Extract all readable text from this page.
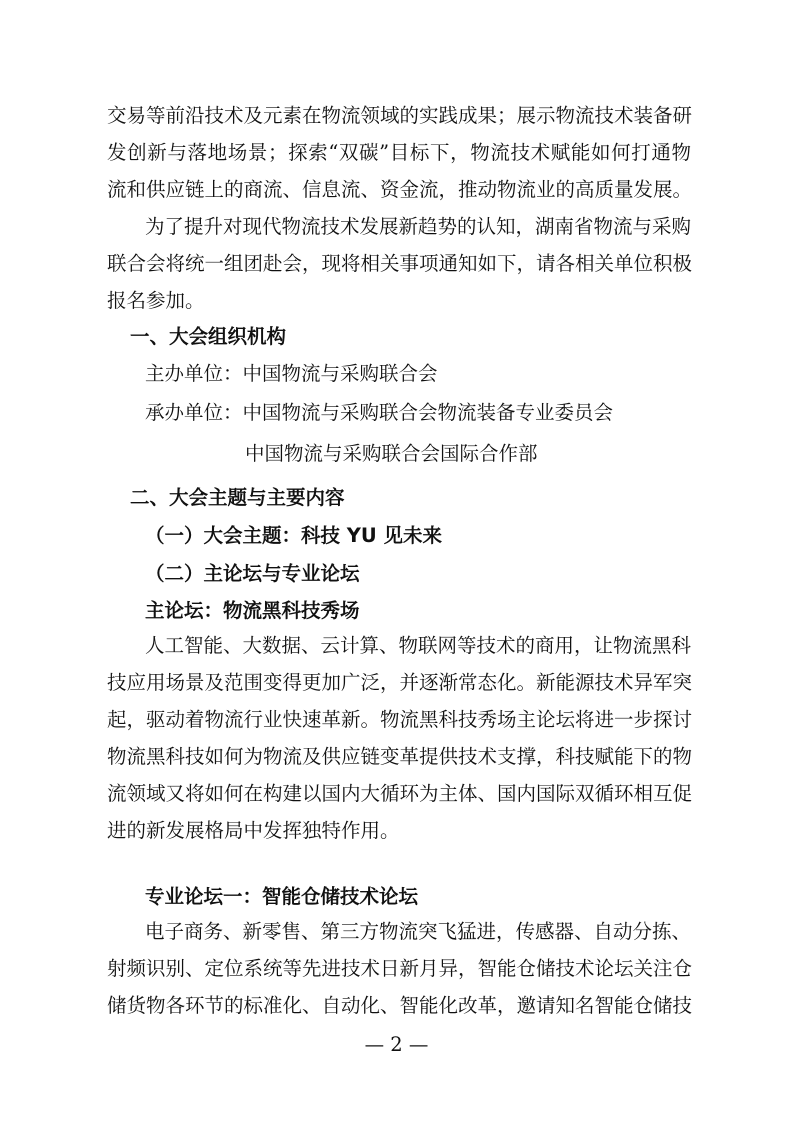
交易等前沿技术及元素在物流领域的实践成果；展示物流技术装备研
发创新与落地场景；探索“双碳”目标下，物流技术赋能如何打通物
流和供应链上的商流、信息流、资金流，推动物流业的高质量发展。
为了提升对现代物流技术发展新趋势的认知，湖南省物流与采购
联合会将统一组团赴会，现将相关事项通知如下，请各相关单位积极
报名参加。
一、大会组织机构
主办单位：中国物流与采购联合会
承办单位：中国物流与采购联合会物流装备专业委员会
中国物流与采购联合会国际合作部
二、大会主题与主要内容
（一）大会主题：科技 YU 见未来
（二）主论坛与专业论坛
主论坛：物流黑科技秀场
人工智能、大数据、云计算、物联网等技术的商用，让物流黑科
技应用场景及范围变得更加广泛，并逐渐常态化。新能源技术异军突
起，驱动着物流行业快速革新。物流黑科技秀场主论坛将进一步探讨
物流黑科技如何为物流及供应链变革提供技术支撑，科技赋能下的物
流领域又将如何在构建以国内大循环为主体、国内国际双循环相互促
进的新发展格局中发挥独特作用。
专业论坛一：智能仓储技术论坛
电子商务、新零售、第三方物流突飞猛进，传感器、自动分拣、
射频识别、定位系统等先进技术日新月异，智能仓储技术论坛关注仓
储货物各环节的标准化、自动化、智能化改革，邀请知名智能仓储技
— 2 —
